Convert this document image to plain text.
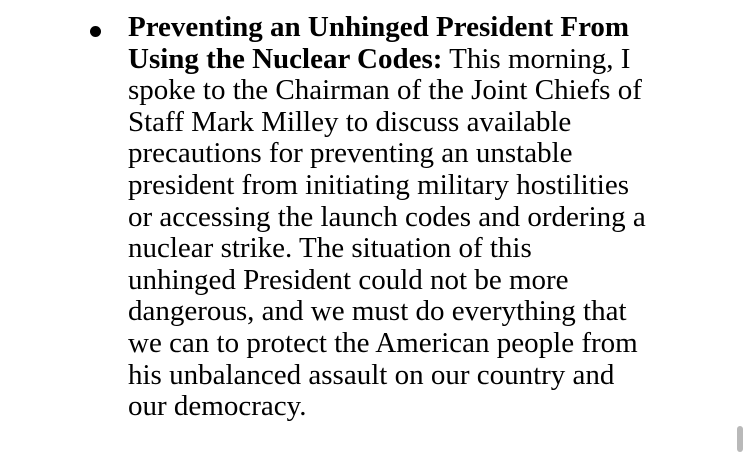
Preventing an Unhinged President From
Using the Nuclear Codes: This morning, I
spoke to the Chairman of the Joint Chiefs of
Staff Mark Milley to discuss available
precautions for preventing an unstable
president from initiating military hostilities
or accessing the launch codes and ordering a
nuclear strike. The situation of this
unhinged President could not be more
dangerous, and we must do everything that
we can to protect the American people from
his unbalanced assault on our country and
our democracy.
